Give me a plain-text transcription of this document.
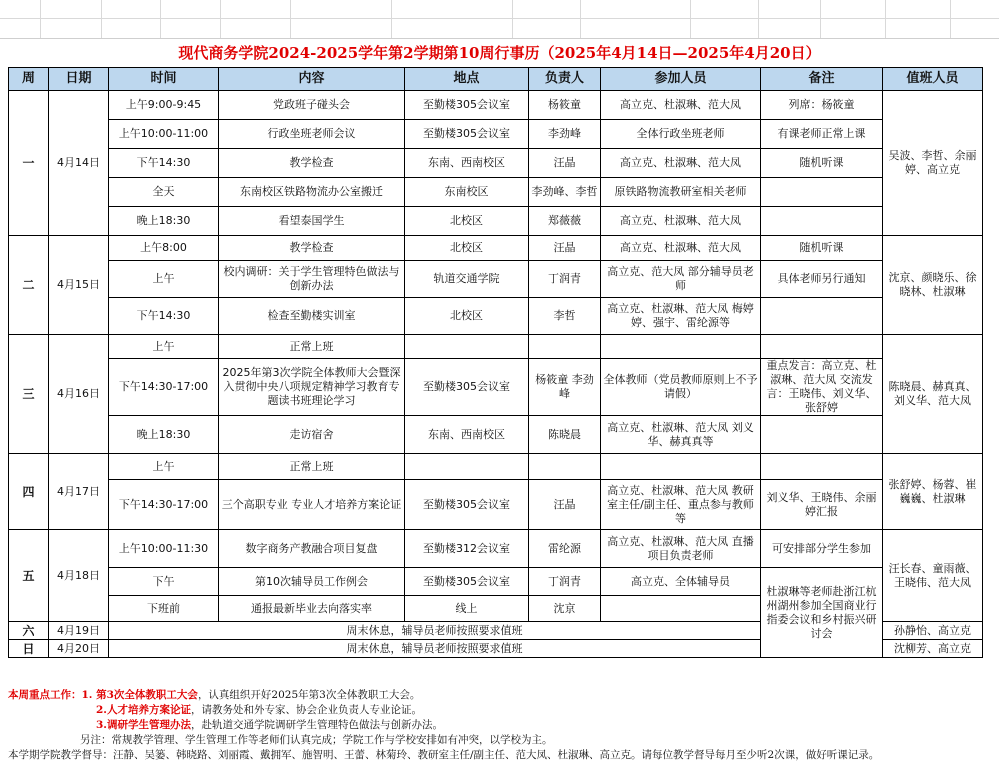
现代商务学院2024-2025学年第2学期第10周行事历（2025年4月14日—2025年4月20日）
周	日期	时间	内容	地点	负责人	参加人员	备注	值班人员
一	4月14日	上午9:00-9:45	党政班子碰头会	至勤楼305会议室	杨筱童	高立克、杜淑琳、范大凤	列席：杨筱童	吴波、李哲、余丽婷、高立克
		上午10:00-11:00	行政坐班老师会议	至勤楼305会议室	李劲峰	全体行政坐班老师	有课老师正常上课	
		下午14:30	教学检查	东南、西南校区	汪晶	高立克、杜淑琳、范大凤	随机听课	
		全天	东南校区铁路物流办公室搬迁	东南校区	李劲峰、李哲	原铁路物流教研室相关老师		
		晚上18:30	看望泰国学生	北校区	郑薇薇	高立克、杜淑琳、范大凤		
二	4月15日	上午8:00	教学检查	北校区	汪晶	高立克、杜淑琳、范大凤	随机听课	沈京、颜晓乐、徐晓林、杜淑琳
		上午	校内调研：关于学生管理特色做法与创新办法	轨道交通学院	丁润青	高立克、范大凤 部分辅导员老师	具体老师另行通知	
		下午14:30	检查至勤楼实训室	北校区	李哲	高立克、杜淑琳、范大凤 梅婷婷、强宇、雷纶源等		
三	4月16日	上午	正常上班					陈晓晨、赫真真、刘义华、范大凤
		下午14:30-17:00	2025年第3次学院全体教师大会暨深入贯彻中央八项规定精神学习教育专题读书班理论学习	至勤楼305会议室	杨筱童 李劲峰	全体教师（党员教师原则上不予请假）	重点发言：高立克、杜淑琳、范大凤 交流发言：王晓伟、刘义华、张舒婷	
		晚上18:30	走访宿舍	东南、西南校区	陈晓晨	高立克、杜淑琳、范大凤 刘义华、赫真真等		
四	4月17日	上午	正常上班					张舒婷、杨蓉、崔巍巍、杜淑琳
		下午14:30-17:00	三个高职专业 专业人才培养方案论证	至勤楼305会议室	汪晶	高立克、杜淑琳、范大凤 教研室主任/副主任、重点参与教师等	刘义华、王晓伟、余丽婷汇报	
五	4月18日	上午10:00-11:30	数字商务产教融合项目复盘	至勤楼312会议室	雷纶源	高立克、杜淑琳、范大凤 直播项目负责老师	可安排部分学生参加	汪长春、童雨薇、王晓伟、范大凤
		下午	第10次辅导员工作例会	至勤楼305会议室	丁润青	高立克、全体辅导员	杜淑琳等老师赴浙江杭州湖州参加全国商业行指委会议和乡村振兴研讨会	
		下班前	通报最新毕业去向落实率	线上	沈京			
六	4月19日	周末休息，辅导员老师按照要求值班						孙静怡、高立克
日	4月20日	周末休息，辅导员老师按照要求值班						沈柳芳、高立克
本周重点工作：1. 第3次全体教职工大会，认真组织开好2025年第3次全体教职工大会。
2.人才培养方案论证，请教务处和外专家、协会企业负责人专业论证。
3.调研学生管理办法，赴轨道交通学院调研学生管理特色做法与创新办法。
另注：常规教学管理、学生管理工作等老师们认真完成；学院工作与学校安排如有冲突，以学校为主。
本学期学院教学督导：汪静、吴篓、韩晓路、刘丽霞、戴拥军、施智明、王蕾、林菊玲、教研室主任/副主任、范大凤、杜淑琳、高立克。请每位教学督导每月至少听2次课，做好听课记录。
